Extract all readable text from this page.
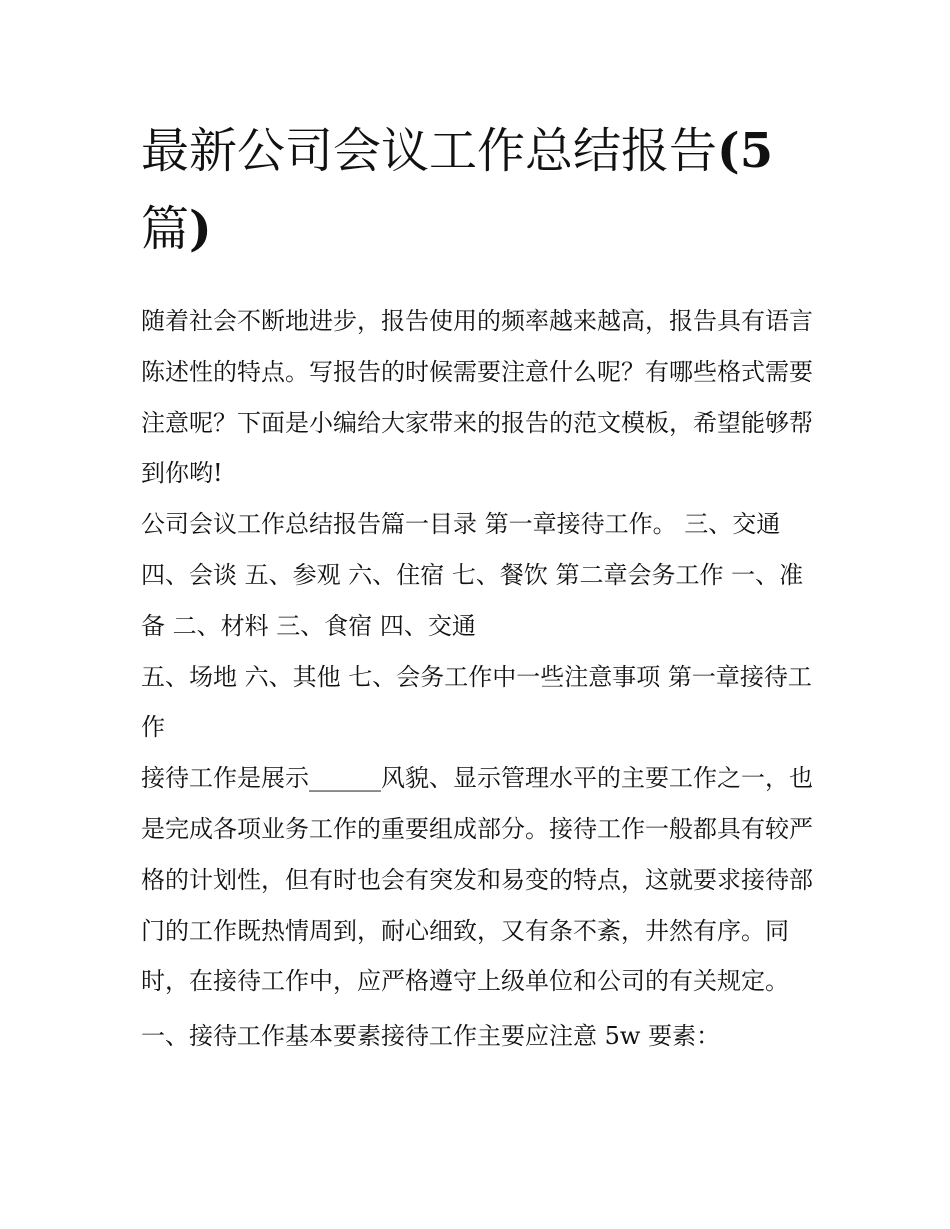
最新公司会议工作总结报告(5篇)

随着社会不断地进步，报告使用的频率越来越高，报告具有语言陈述性的特点。写报告的时候需要注意什么呢？有哪些格式需要注意呢？下面是小编给大家带来的报告的范文模板，希望能够帮到你哟!

公司会议工作总结报告篇一目录 第一章接待工作。 三、交通四、会谈 五、参观 六、住宿 七、餐饮 第二章会务工作 一、准备 二、材料 三、食宿 四、交通

五、场地 六、其他 七、会务工作中一些注意事项 第一章接待工作

接待工作是展示______风貌、显示管理水平的主要工作之一，也是完成各项业务工作的重要组成部分。接待工作一般都具有较严格的计划性，但有时也会有突发和易变的特点，这就要求接待部门的工作既热情周到，耐心细致，又有条不紊，井然有序。同时，在接待工作中，应严格遵守上级单位和公司的有关规定。

一、接待工作基本要素接待工作主要应注意 5w 要素：
